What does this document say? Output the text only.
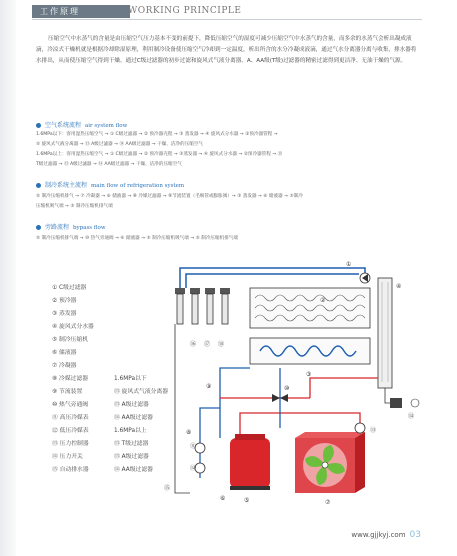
工作原理	WORKING PRINCIPLE
压缩空气中水蒸气的含量是由压缩空气压力基本不变的前提下，降低压缩空气的湿度可减少压缩空气中水蒸气的含量，而多余的水蒸气会析出凝成液滴，冷凉式干燥机就是根据冷却除湿原理，利用制冷设备使压缩空气冷却到一定温度，析出所含的水分冷凝成液滴，通过气水分离器分离与收集，排水器将水排出，从而使压缩空气得到干燥。通过C级过滤器的初步过滤和旋风式气液分离器、A、AA级(T级)过滤器的精密过滤得到更洁净、无油干燥的气源。
空气系统流程 air system flow
1.6MPa以下：客用湿热压缩空气 → ① C级过滤器 → ② 预冷器壳程 → ③ 蒸发器 → ④ 旋风式分水器 → ②预冷器管程 →
⑤ 旋风式气液分离器 → ⑬ A级过滤器 → ⑭ AA级过滤器 → 干燥、洁净的压缩空气
1.6MPa以上：客用湿热压缩空气 → ① C级过滤器 → ② 预冷器壳程 → ③蒸发器 → ④ 旋风式分水器 → ②预冷器管程 → ⑬
T级过滤器 → ⑬ A级过滤器 → ⑭ AA级过滤器 → 干燥、洁净的压缩空气
制冷系统主流程 main flow of refrigeration system
⑤ 制冷压缩机排气 → ⑦ 冷凝器 → ⑥ 储液器 → ⑧ 冷媒过滤器 → ⑨节流装置（毛细管或膨胀阀）→ ③ 蒸发器 → ⑥ 储液器 → ⑤制冷
压缩机吸气端 → ⑤ 制冷压缩机排气端
旁路流程 bypass flow
⑤ 制冷压缩机排气端 → ⑩ 热气旁通阀 → ⑥ 储液器 → ⑤ 制冷压缩机吸气端 → ⑤ 制冷压缩机排气端
① C级过滤器
② 预冷器
③ 蒸发器
④ 旋风式分水器
⑤ 制冷压缩机
⑥ 储液器
⑦ 冷凝器
⑧ 冷媒过滤器
⑨ 节流装置
⑩ 热气旁通阀
⑪ 高压冷媒表
⑫ 低压冷媒表
⑬ 压力控制器
⑭ 压力开关
⑮ 自动排水器
1.6MPa以下
⑬ 旋风式气液分离器
⑬ A级过滤器
⑭ AA级过滤器
1.6MPa以上
⑬ T级过滤器
⑬ A级过滤器
⑭ AA级过滤器
①
②
③
④
⑤
⑥
⑦
⑧
⑨	⑩
⑪
⑫
⑬
⑭
⑮
⑯ ⑰ ⑱
www.gjjkyj.com 03
